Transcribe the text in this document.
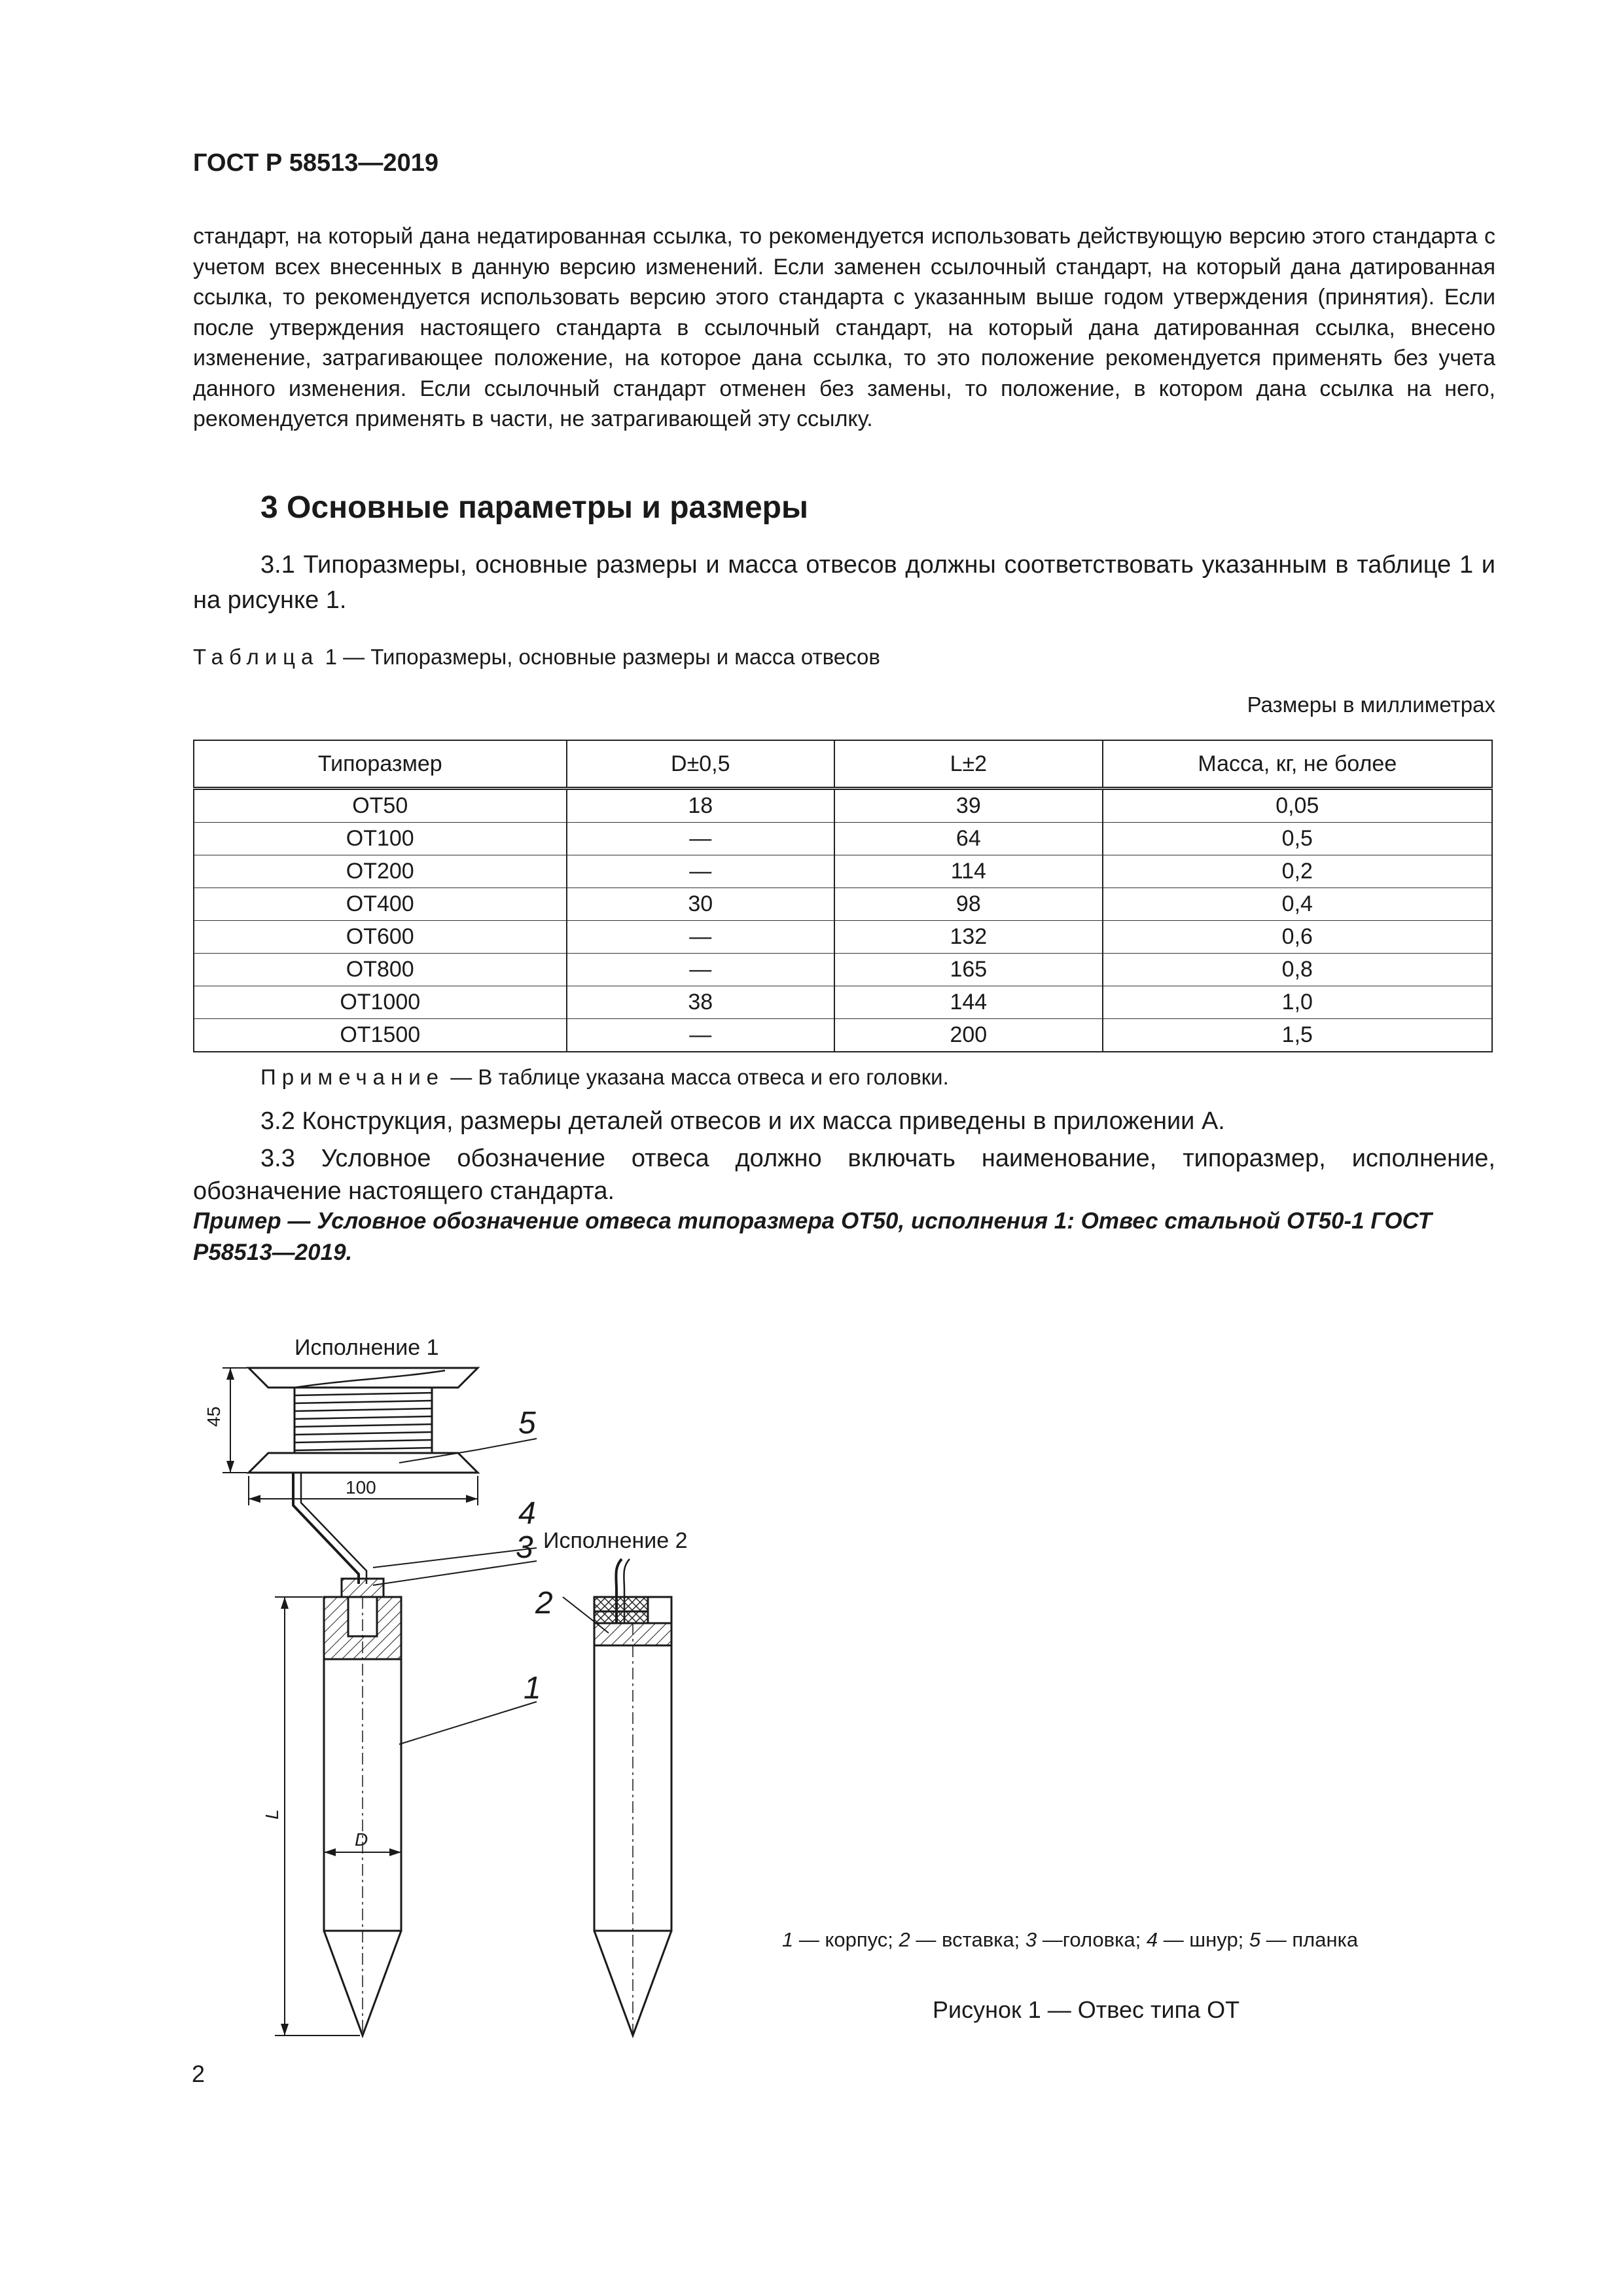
ГОСТ Р 58513—2019

стандарт, на который дана недатированная ссылка, то рекомендуется использовать действующую версию этого стандарта с учетом всех внесенных в данную версию изменений. Если заменен ссылочный стандарт, на который дана датированная ссылка, то рекомендуется использовать версию этого стандарта с указанным выше годом утверждения (принятия). Если после утверждения настоящего стандарта в ссылочный стандарт, на который дана датированная ссылка, внесено изменение, затрагивающее положение, на которое дана ссылка, то это положение рекомендуется применять без учета данного изменения. Если ссылочный стандарт отменен без замены, то положение, в котором дана ссылка на него, рекомендуется применять в части, не затрагивающей эту ссылку.

3 Основные параметры и размеры
3.1 Типоразмеры, основные размеры и масса отвесов должны соответствовать указанным в таблице 1 и на рисунке 1.
Таблица 1 — Типоразмеры, основные размеры и масса отвесов
Размеры в миллиметрах
Типоразмер	D±0,5	L±2	Масса, кг, не более
ОТ50	18	39	0,05
ОТ100	—	64	0,5
ОТ200	—	114	0,2
ОТ400	30	98	0,4
ОТ600	—	132	0,6
ОТ800	—	165	0,8
ОТ1000	38	144	1,0
ОТ1500	—	200	1,5
Примечание — В таблице указана масса отвеса и его головки.
3.2 Конструкция, размеры деталей отвесов и их масса приведены в приложении А.
3.3 Условное обозначение отвеса должно включать наименование, типоразмер, исполнение, обозначение настоящего стандарта.
Пример — Условное обозначение отвеса типоразмера ОТ50, исполнения 1: Отвес стальной ОТ50-1 ГОСТ Р58513—2019.
Исполнение 1
Исполнение 2
45
100
L
D
1
2
3
4
5
1 — корпус; 2 — вставка; 3 —головка; 4 — шнур; 5 — планка
Рисунок 1 — Отвес типа ОТ
2
